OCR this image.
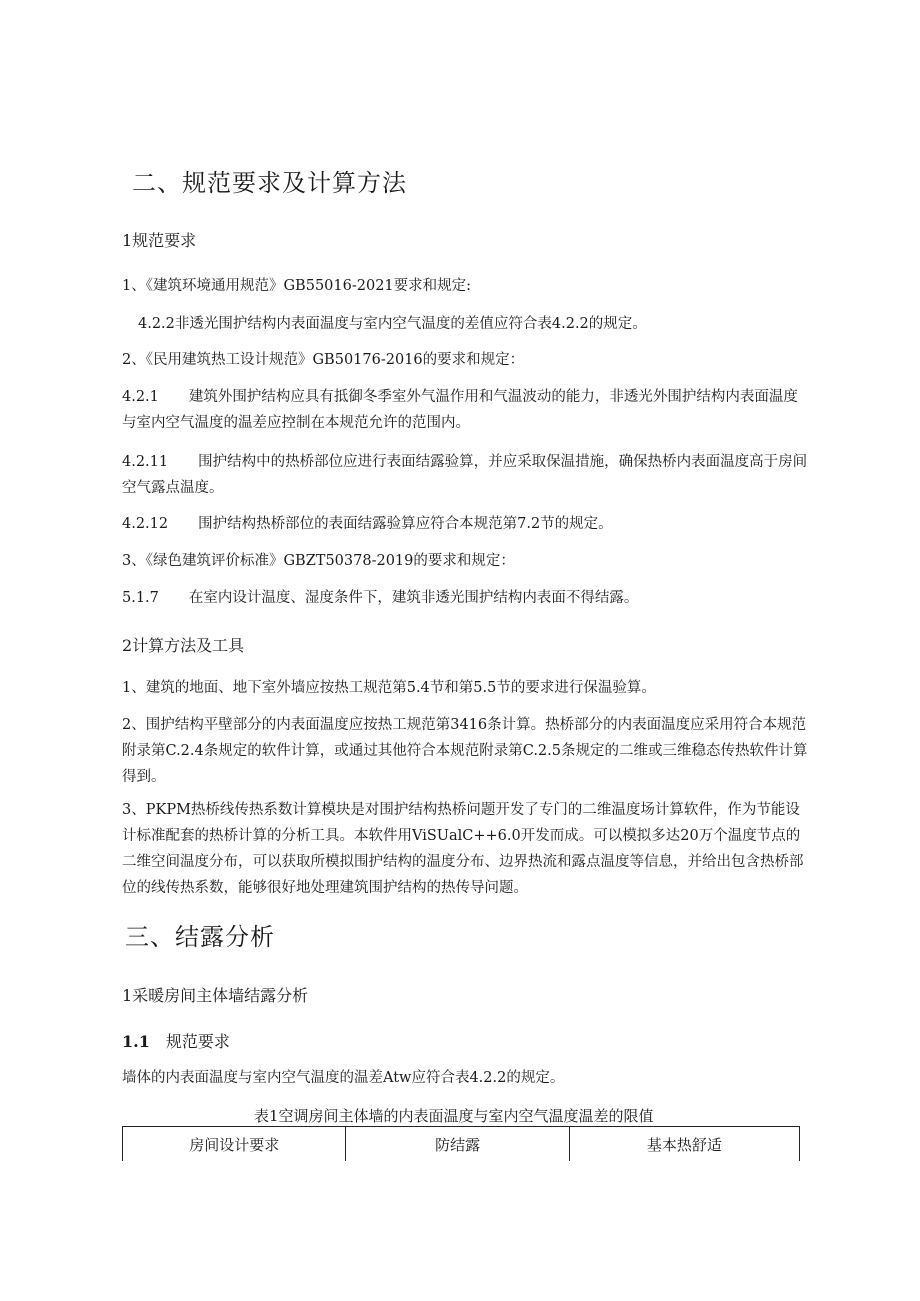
二、规范要求及计算方法
1规范要求

1、《建筑环境通用规范》GB55016-2021要求和规定:

4.2.2非透光围护结构内表面温度与室内空气温度的差值应符合表4.2.2的规定。

2、《民用建筑热工设计规范》GB50176-2016的要求和规定：

4.2.1 建筑外围护结构应具有抵御冬季室外气温作用和气温波动的能力，非透光外围护结构内表面温度与室内空气温度的温差应控制在本规范允许的范围内。

4.2.11 围护结构中的热桥部位应进行表面结露验算，并应采取保温措施，确保热桥内表面温度高于房间空气露点温度。

4.2.12 围护结构热桥部位的表面结露验算应符合本规范第7.2节的规定。

3、《绿色建筑评价标准》GBZT50378-2019的要求和规定：

5.1.7 在室内设计温度、湿度条件下，建筑非透光围护结构内表面不得结露。

2计算方法及工具

1、建筑的地面、地下室外墙应按热工规范第5.4节和第5.5节的要求进行保温验算。

2、围护结构平壁部分的内表面温度应按热工规范第3416条计算。热桥部分的内表面温度应采用符合本规范附录第C.2.4条规定的软件计算，或通过其他符合本规范附录第C.2.5条规定的二维或三维稳态传热软件计算得到。

3、PKPM热桥线传热系数计算模块是对围护结构热桥问题开发了专门的二维温度场计算软件，作为节能设计标准配套的热桥计算的分析工具。本软件用ViSUalC++6.0开发而成。可以模拟多达20万个温度节点的二维空间温度分布，可以获取所模拟围护结构的温度分布、边界热流和露点温度等信息，并给出包含热桥部位的线传热系数，能够很好地处理建筑围护结构的热传导问题。

三、结露分析
1采暖房间主体墙结露分析
1.1 规范要求

墙体的内表面温度与室内空气温度的温差Atw应符合表4.2.2的规定。

表1空调房间主体墙的内表面温度与室内空气温度温差的限值

房间设计要求	防结露	基本热舒适
